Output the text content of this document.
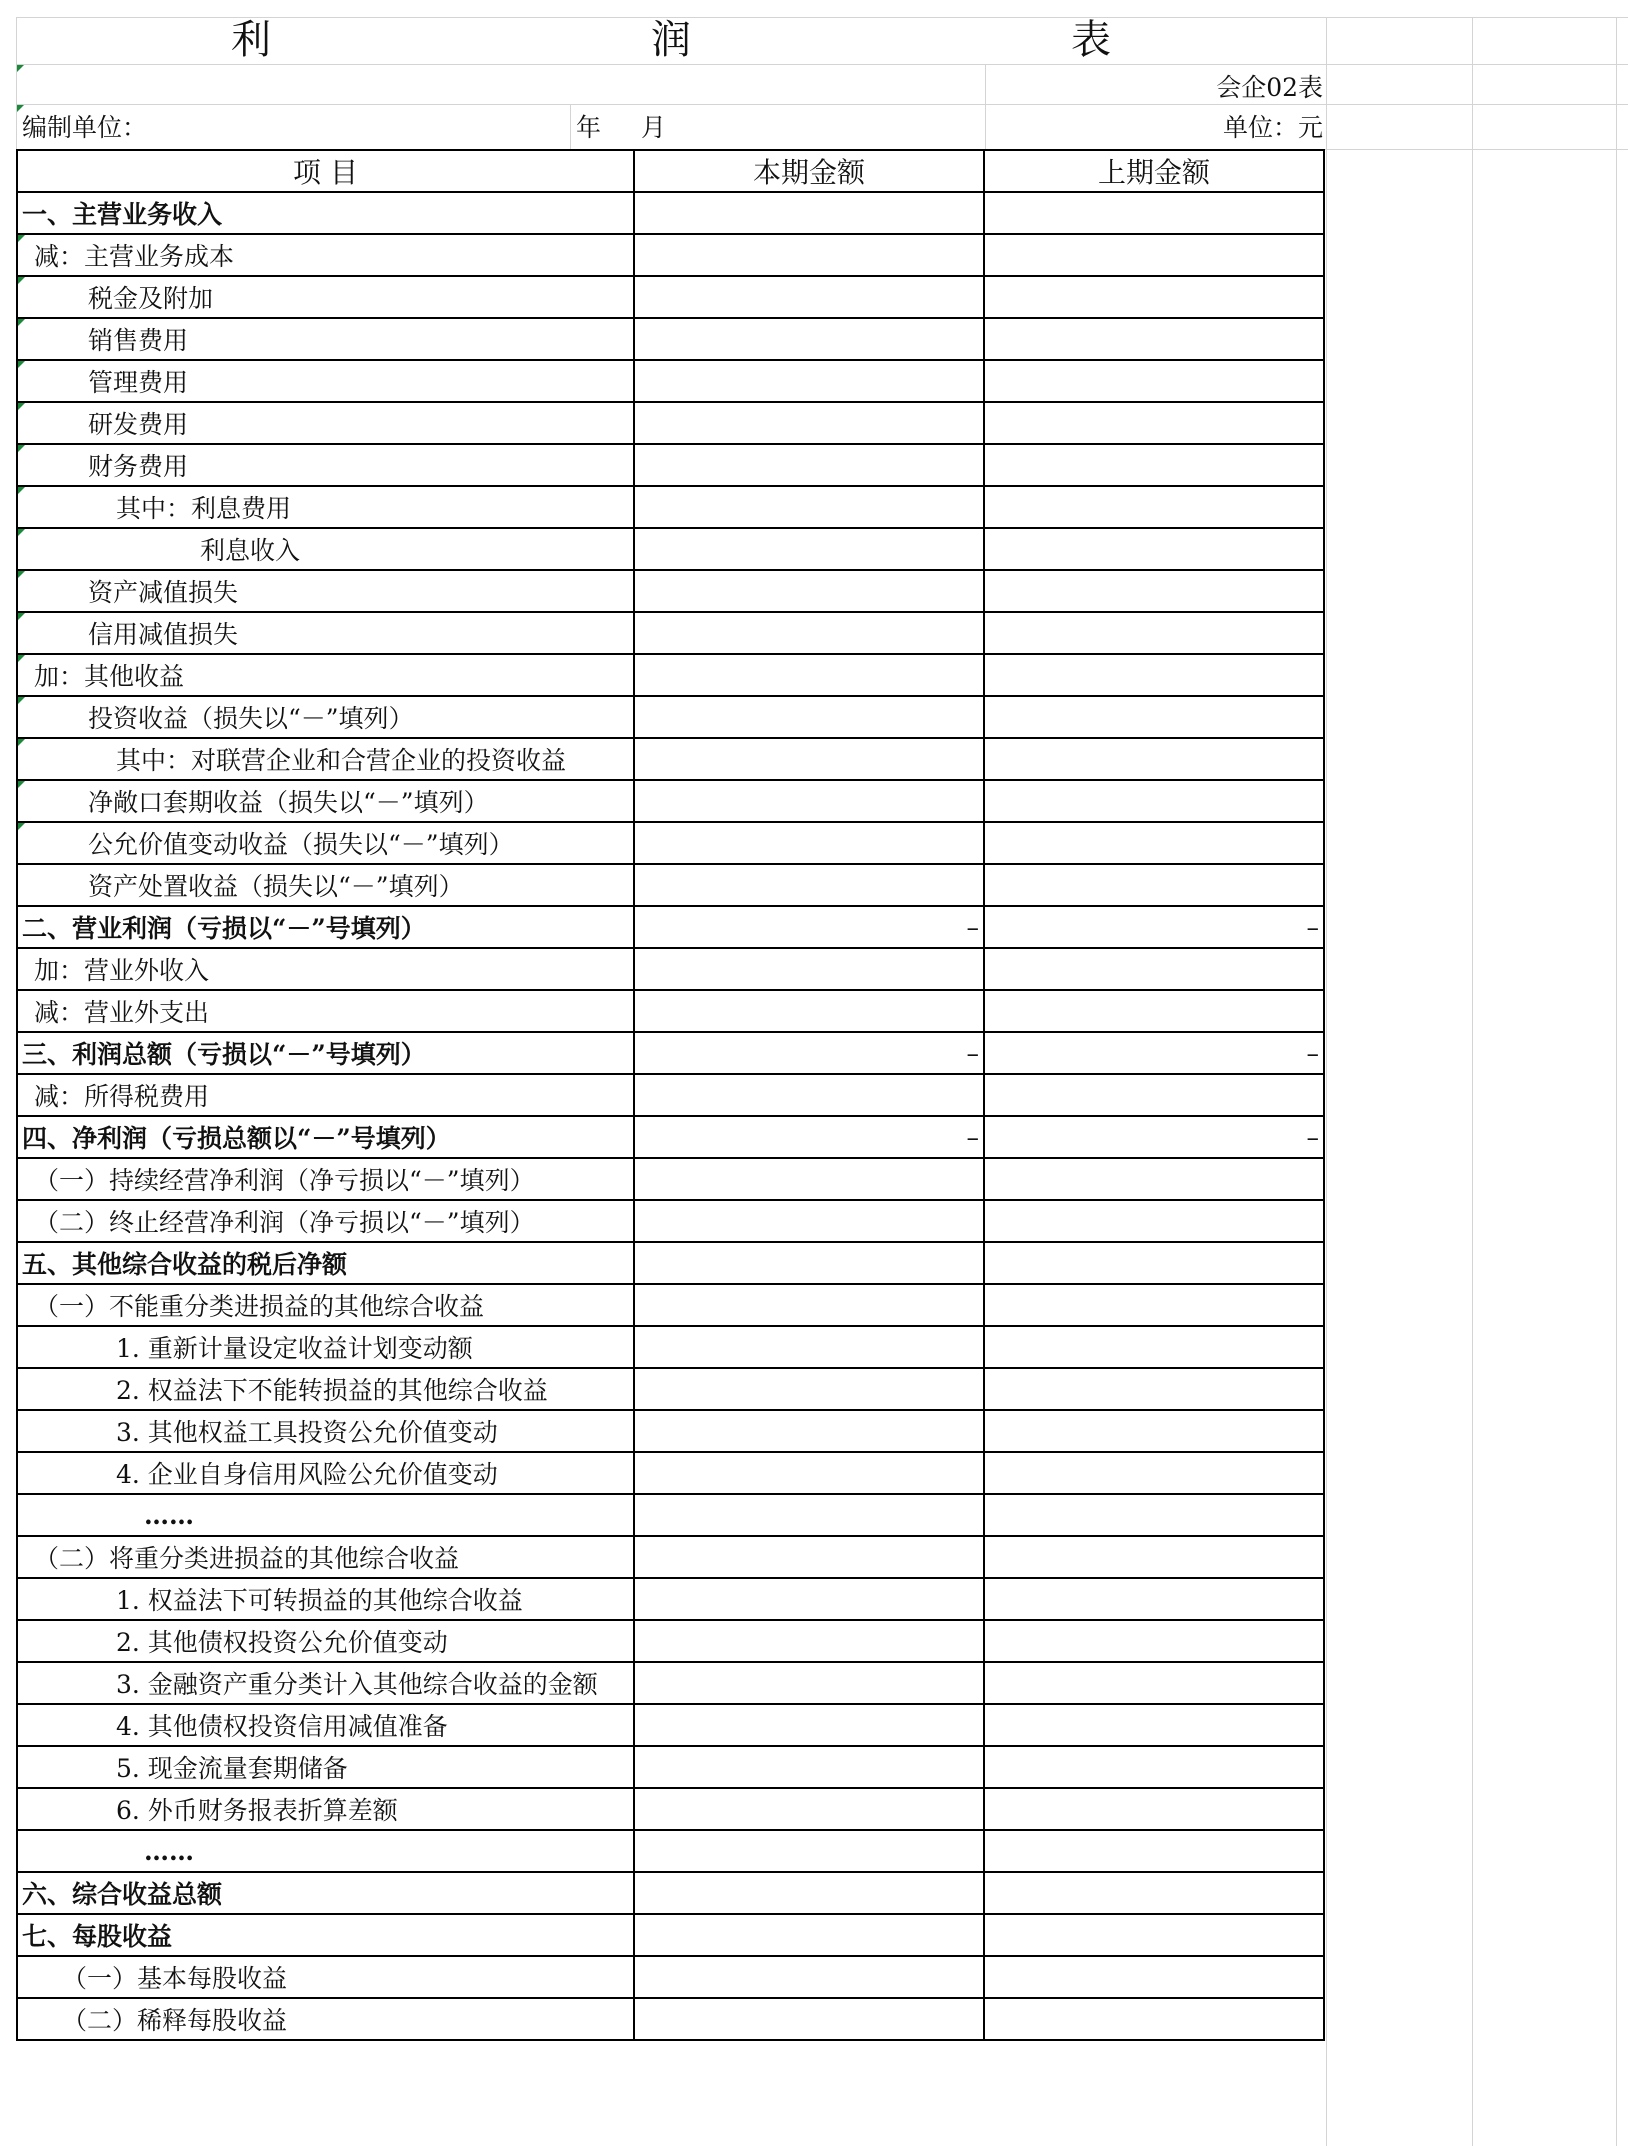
利　　润　　表
会企02表
编制单位：	年 月	单位：元
项 目	本期金额	上期金额
一、主营业务收入		

减：主营业务成本		

税金及附加		

销售费用		

管理费用		

研发费用		

财务费用		

其中：利息费用		

利息收入		

资产减值损失		

信用减值损失		

加：其他收益		

投资收益（损失以“－”填列）		

其中：对联营企业和合营企业的投资收益		

净敞口套期收益（损失以“－”填列）		

公允价值变动收益（损失以“－”填列）		
资产处置收益（损失以“－”填列）		
二、营业利润（亏损以“－”号填列）	–	–
加：营业外收入		
减：营业外支出		
三、利润总额（亏损以“－”号填列）	–	–
减：所得税费用		
四、净利润（亏损总额以“－”号填列）	–	–
（一）持续经营净利润（净亏损以“－”填列）		
（二）终止经营净利润（净亏损以“－”填列）		
五、其他综合收益的税后净额		
（一）不能重分类进损益的其他综合收益		
1. 重新计量设定收益计划变动额		
2. 权益法下不能转损益的其他综合收益		
3. 其他权益工具投资公允价值变动		
4. 企业自身信用风险公允价值变动		
……		
（二）将重分类进损益的其他综合收益		
1. 权益法下可转损益的其他综合收益		
2. 其他债权投资公允价值变动		
3. 金融资产重分类计入其他综合收益的金额		
4. 其他债权投资信用减值准备		
5. 现金流量套期储备		
6. 外币财务报表折算差额		
……		
六、综合收益总额		
七、每股收益		
（一）基本每股收益		
（二）稀释每股收益		
